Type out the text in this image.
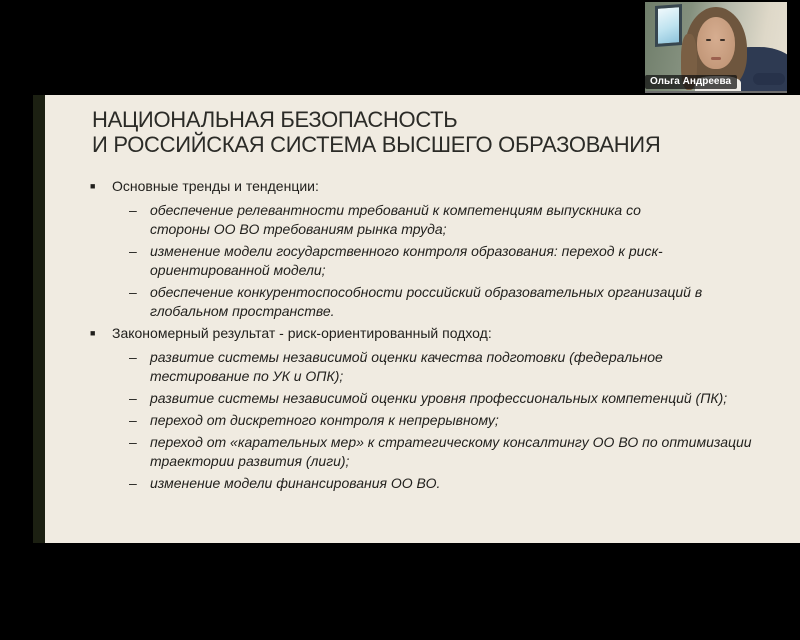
НАЦИОНАЛЬНАЯ БЕЗОПАСНОСТЬ
И РОССИЙСКАЯ СИСТЕМА ВЫСШЕГО ОБРАЗОВАНИЯ
■	Основные тренды и тенденции:
– обеспечение релевантности требований к компетенциям выпускника со стороны ОО ВО требованиям рынка труда;
– изменение модели государственного контроля образования: переход к риск-ориентированной модели;
– обеспечение конкурентоспособности российский образовательных организаций в глобальном пространстве.
■	Закономерный результат - риск-ориентированный подход:
– развитие системы независимой оценки качества подготовки (федеральное тестирование по УК и ОПК);
– развитие системы независимой оценки уровня профессиональных компетенций (ПК);
– переход от дискретного контроля к непрерывному;
– переход от «карательных мер» к стратегическому консалтингу ОО ВО по оптимизации траектории развития (лиги);
– изменение модели финансирования ОО ВО.
Ольга Андреева
